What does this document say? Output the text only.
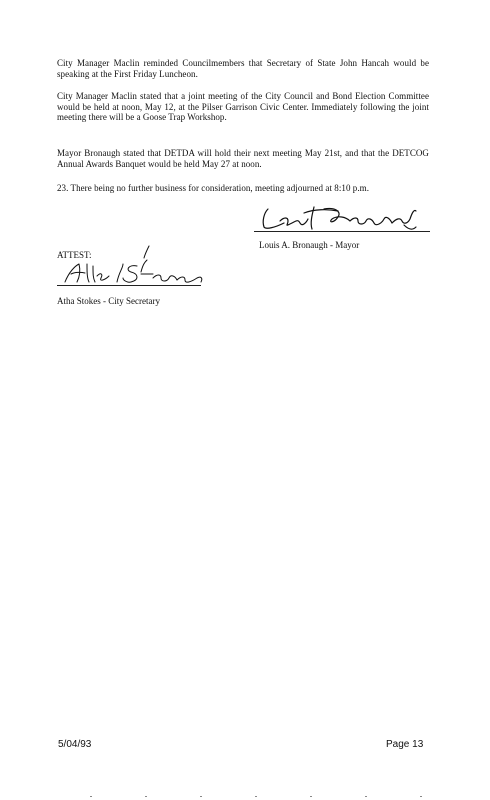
City Manager Maclin reminded Councilmembers that Secretary of State John Hancah would be speaking at the First Friday Luncheon.
City Manager Maclin stated that a joint meeting of the City Council and Bond Election Committee would be held at noon, May 12, at the Pilser Garrison Civic Center. Immediately following the joint meeting there will be a Goose Trap Workshop.
Mayor Bronaugh stated that DETDA will hold their next meeting May 21st, and that the DETCOG Annual Awards Banquet would be held May 27 at noon.
23. There being no further business for consideration, meeting adjourned at 8:10 p.m.
Louis A. Bronaugh - Mayor
ATTEST:
Atha Stokes - City Secretary
5/04/93	Page 13
